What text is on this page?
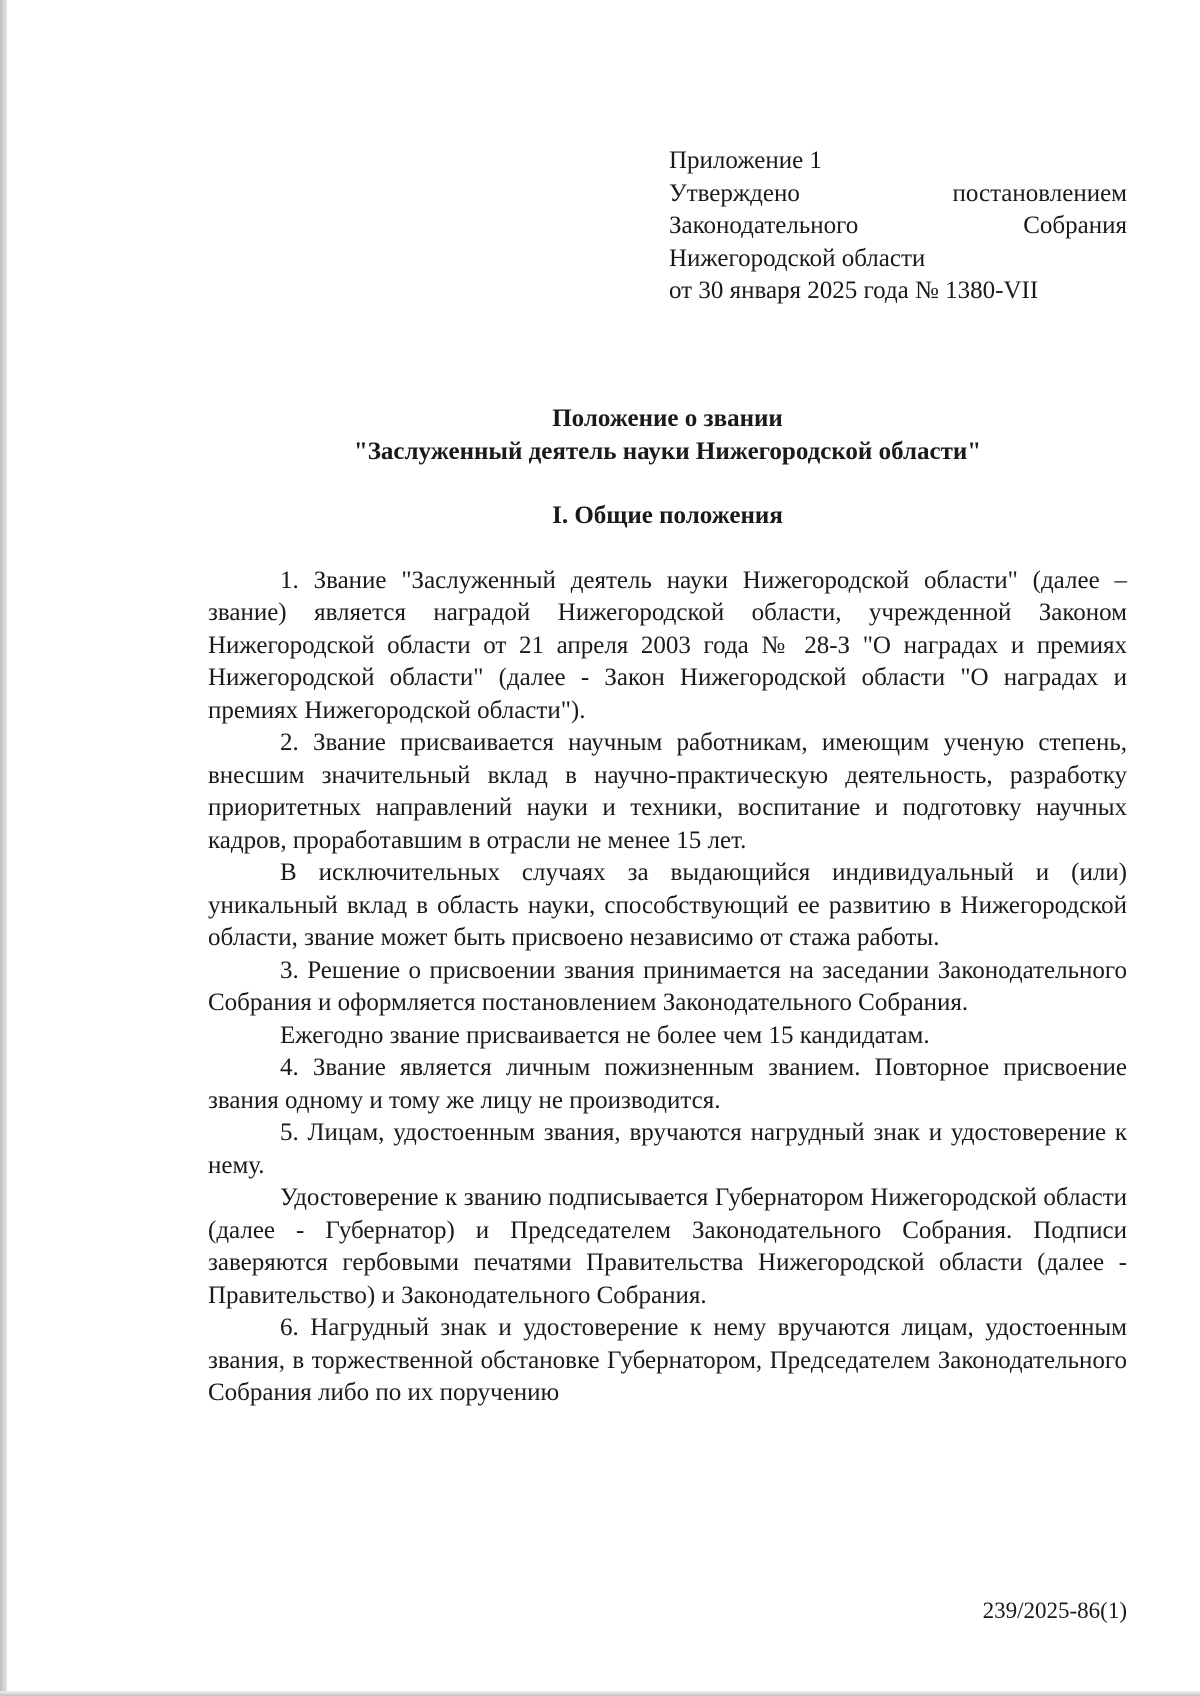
Приложение 1
Утверждено	постановлением
Законодательного	Собрания
Нижегородской области
от 30 января 2025 года № 1380-VII

Положение о звании
"Заслуженный деятель науки Нижегородской области"

I. Общие положения

1. Звание "Заслуженный деятель науки Нижегородской области" (далее – звание) является наградой Нижегородской области, учрежденной Законом Нижегородской области от 21 апреля 2003 года № 28-З "О наградах и премиях Нижегородской области" (далее - Закон Нижегородской области "О наградах и премиях Нижегородской области").

2. Звание присваивается научным работникам, имеющим ученую степень, внесшим значительный вклад в научно-практическую деятельность, разработку приоритетных направлений науки и техники, воспитание и подготовку научных кадров, проработавшим в отрасли не менее 15 лет.

В исключительных случаях за выдающийся индивидуальный и (или) уникальный вклад в область науки, способствующий ее развитию в Нижегородской области, звание может быть присвоено независимо от стажа работы.

3. Решение о присвоении звания принимается на заседании Законодательного Собрания и оформляется постановлением Законодательного Собрания.

Ежегодно звание присваивается не более чем 15 кандидатам.

4. Звание является личным пожизненным званием. Повторное присвоение звания одному и тому же лицу не производится.

5. Лицам, удостоенным звания, вручаются нагрудный знак и удостоверение к нему.

Удостоверение к званию подписывается Губернатором Нижегородской области (далее - Губернатор) и Председателем Законодательного Собрания. Подписи заверяются гербовыми печатями Правительства Нижегородской области (далее - Правительство) и Законодательного Собрания.

6. Нагрудный знак и удостоверение к нему вручаются лицам, удостоенным звания, в торжественной обстановке Губернатором, Председателем Законодательного Собрания либо по их поручению

239/2025-86(1)
